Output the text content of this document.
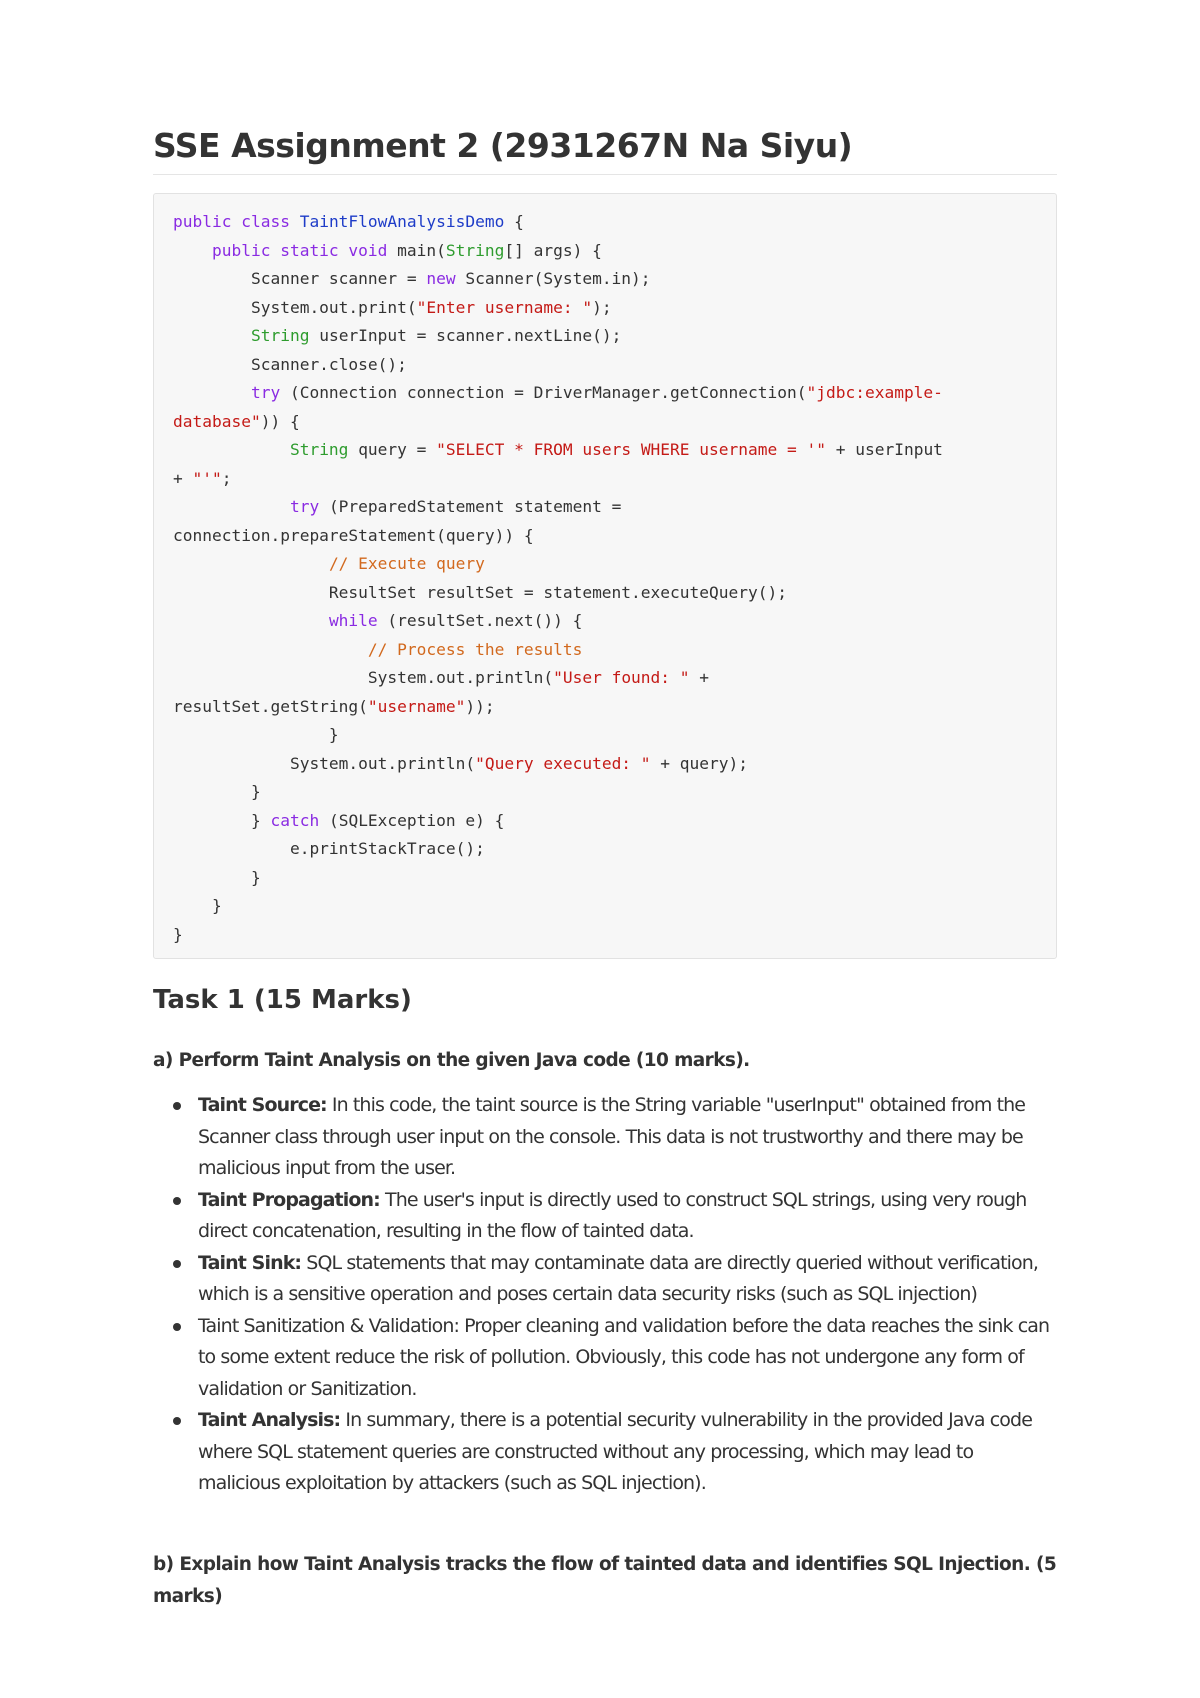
SSE Assignment 2 (2931267N Na Siyu)
public class TaintFlowAnalysisDemo {
public static void main(String[] args) {
Scanner scanner = new Scanner(System.in);
System.out.print("Enter username: ");
String userInput = scanner.nextLine();
Scanner.close();
try (Connection connection = DriverManager.getConnection("jdbc:example-
database")) {
String query = "SELECT * FROM users WHERE username = '" + userInput
+ "'";
try (PreparedStatement statement =
connection.prepareStatement(query)) {
// Execute query
ResultSet resultSet = statement.executeQuery();
while (resultSet.next()) {
// Process the results
System.out.println("User found: " +
resultSet.getString("username"));
}
System.out.println("Query executed: " + query);
}
} catch (SQLException e) {
e.printStackTrace();
}
}
}
Task 1 (15 Marks)
a) Perform Taint Analysis on the given Java code (10 marks).
Taint Source: In this code, the taint source is the String variable "userInput" obtained from the Scanner class through user input on the console. This data is not trustworthy and there may be malicious input from the user.
Taint Propagation: The user's input is directly used to construct SQL strings, using very rough direct concatenation, resulting in the flow of tainted data.
Taint Sink: SQL statements that may contaminate data are directly queried without verification, which is a sensitive operation and poses certain data security risks (such as SQL injection)
Taint Sanitization & Validation: Proper cleaning and validation before the data reaches the sink can to some extent reduce the risk of pollution. Obviously, this code has not undergone any form of validation or Sanitization.
Taint Analysis: In summary, there is a potential security vulnerability in the provided Java code where SQL statement queries are constructed without any processing, which may lead to malicious exploitation by attackers (such as SQL injection).
b) Explain how Taint Analysis tracks the flow of tainted data and identifies SQL Injection. (5 marks)
